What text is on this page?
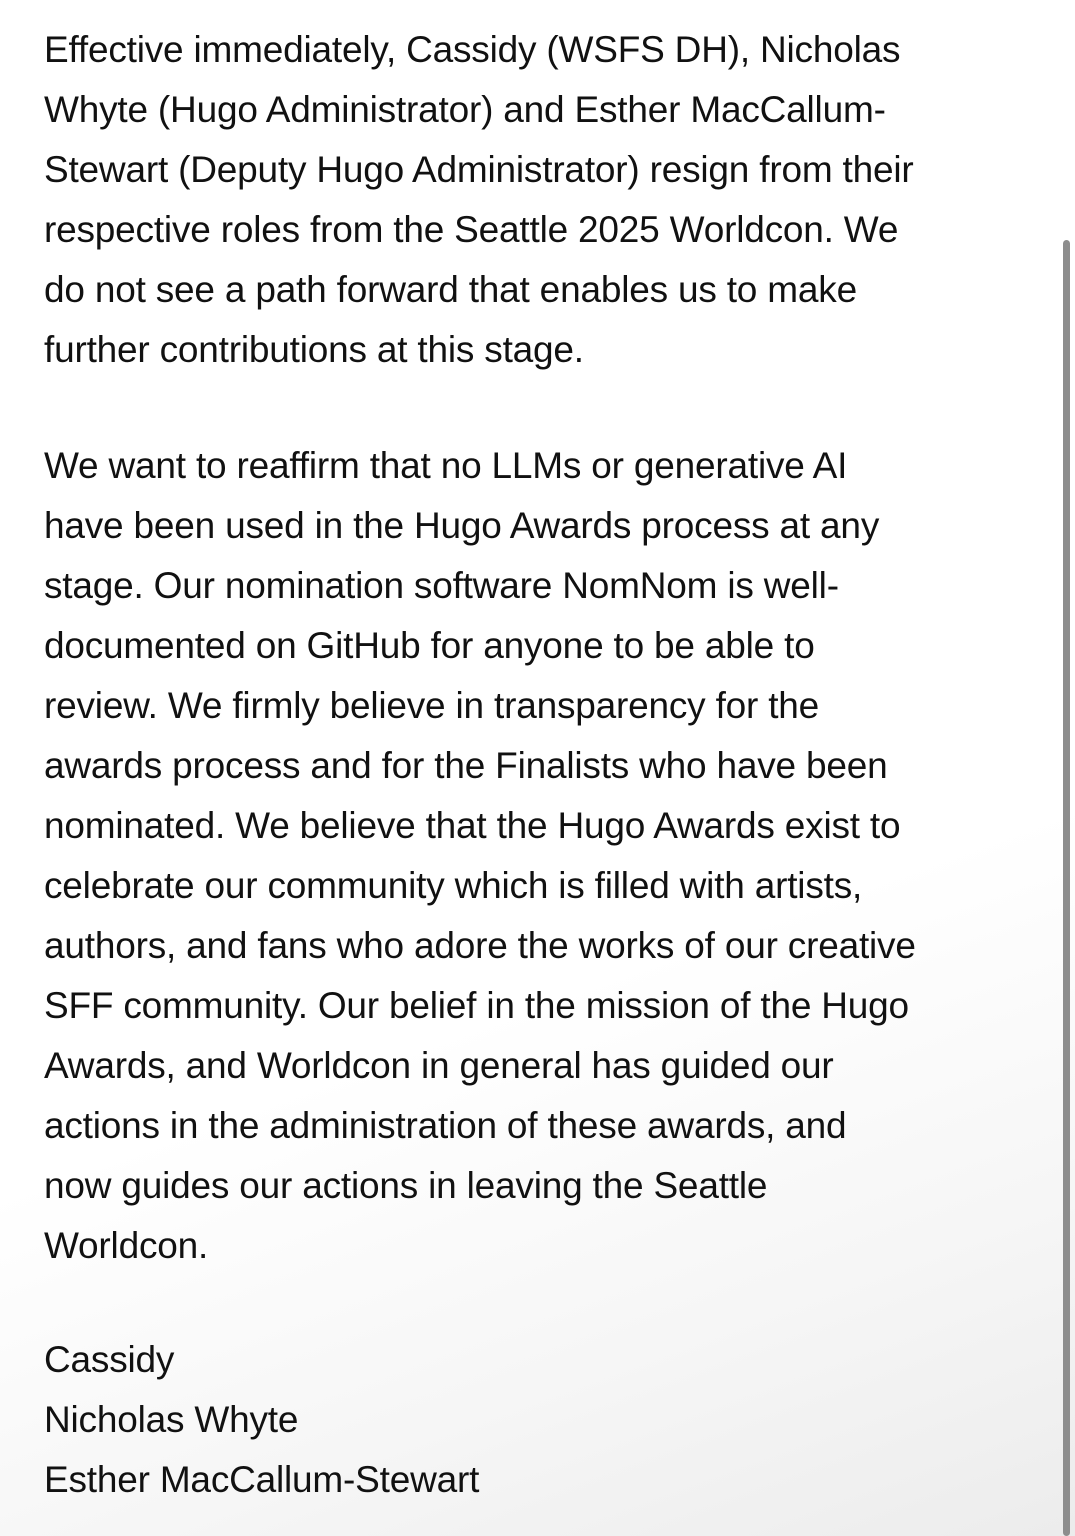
Effective immediately, Cassidy (WSFS DH), Nicholas
Whyte (Hugo Administrator) and Esther MacCallum-
Stewart (Deputy Hugo Administrator) resign from their
respective roles from the Seattle 2025 Worldcon. We
do not see a path forward that enables us to make
further contributions at this stage.
We want to reaffirm that no LLMs or generative AI
have been used in the Hugo Awards process at any
stage. Our nomination software NomNom is well-
documented on GitHub for anyone to be able to
review. We firmly believe in transparency for the
awards process and for the Finalists who have been
nominated. We believe that the Hugo Awards exist to
celebrate our community which is filled with artists,
authors, and fans who adore the works of our creative
SFF community. Our belief in the mission of the Hugo
Awards, and Worldcon in general has guided our
actions in the administration of these awards, and
now guides our actions in leaving the Seattle
Worldcon.
Cassidy
Nicholas Whyte
Esther MacCallum-Stewart
